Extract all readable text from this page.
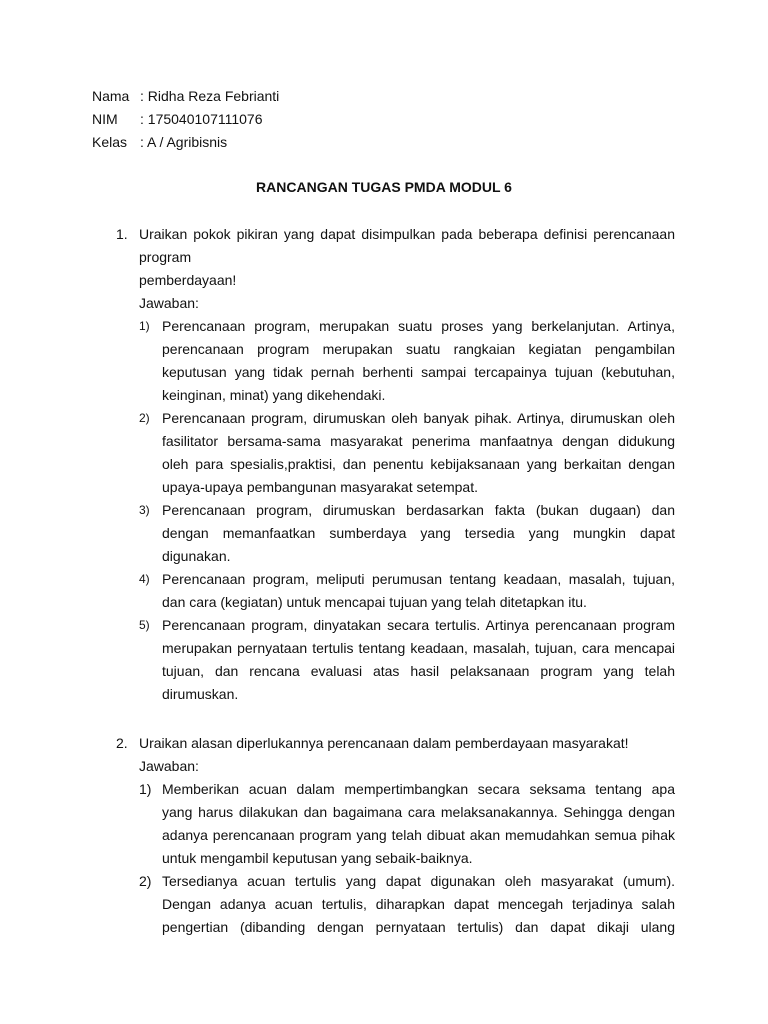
Nama : Ridha Reza Febrianti
NIM : 175040107111076
Kelas : A / Agribisnis
RANCANGAN TUGAS PMDA MODUL 6
1. Uraikan pokok pikiran yang dapat disimpulkan pada beberapa definisi perencanaan
program
pemberdayaan!
Jawaban:
1) Perencanaan program, merupakan suatu proses yang berkelanjutan. Artinya,
perencanaan program merupakan suatu rangkaian kegiatan pengambilan
keputusan yang tidak pernah berhenti sampai tercapainya tujuan (kebutuhan,
keinginan, minat) yang dikehendaki.
2) Perencanaan program, dirumuskan oleh banyak pihak. Artinya, dirumuskan oleh
fasilitator bersama-sama masyarakat penerima manfaatnya dengan didukung
oleh para spesialis,praktisi, dan penentu kebijaksanaan yang berkaitan dengan
upaya-upaya pembangunan masyarakat setempat.
3) Perencanaan program, dirumuskan berdasarkan fakta (bukan dugaan) dan
dengan memanfaatkan sumberdaya yang tersedia yang mungkin dapat
digunakan.
4) Perencanaan program, meliputi perumusan tentang keadaan, masalah, tujuan,
dan cara (kegiatan) untuk mencapai tujuan yang telah ditetapkan itu.
5) Perencanaan program, dinyatakan secara tertulis. Artinya perencanaan program
merupakan pernyataan tertulis tentang keadaan, masalah, tujuan, cara mencapai
tujuan, dan rencana evaluasi atas hasil pelaksanaan program yang telah
dirumuskan.
2. Uraikan alasan diperlukannya perencanaan dalam pemberdayaan masyarakat!
Jawaban:
1) Memberikan acuan dalam mempertimbangkan secara seksama tentang apa
yang harus dilakukan dan bagaimana cara melaksanakannya. Sehingga dengan
adanya perencanaan program yang telah dibuat akan memudahkan semua pihak
untuk mengambil keputusan yang sebaik-baiknya.
2) Tersedianya acuan tertulis yang dapat digunakan oleh masyarakat (umum).
Dengan adanya acuan tertulis, diharapkan dapat mencegah terjadinya salah
pengertian (dibanding dengan pernyataan tertulis) dan dapat dikaji ulang
